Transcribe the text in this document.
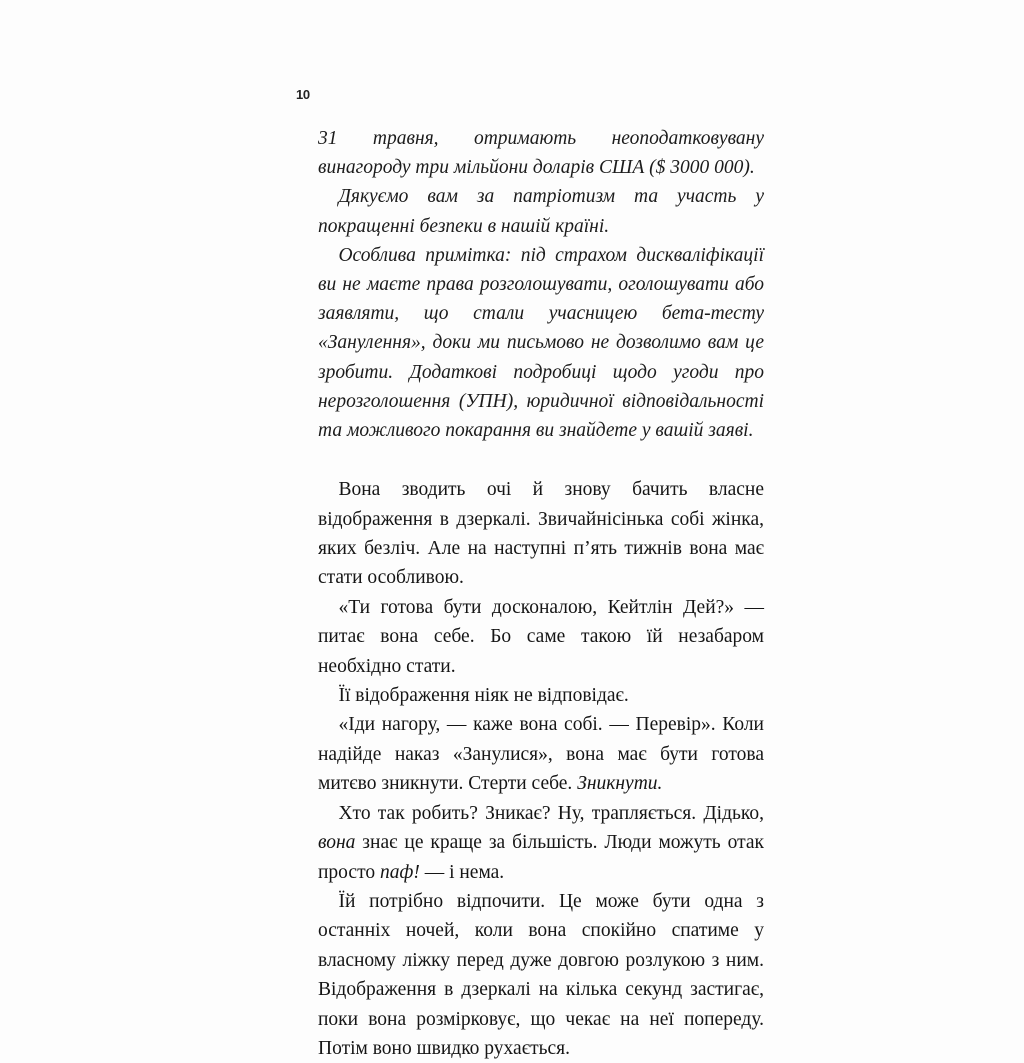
10

31 травня, отримають неоподатковувану винагороду три мільйони доларів США ($ 3000 000).

Дякуємо вам за патріотизм та участь у покращенні безпеки в нашій країні.

Особлива примітка: під страхом дискваліфікації ви не маєте права розголошувати, оголошувати або заявляти, що стали учасницею бета-тесту «Занулення», доки ми письмово не дозволимо вам це зробити. Додаткові подробиці щодо угоди про нерозголошення (УПН), юридичної відповідальності та можливого покарання ви знайдете у вашій заяві.

Вона зводить очі й знову бачить власне відображення в дзеркалі. Звичайнісінька собі жінка, яких безліч. Але на наступні п’ять тижнів вона має стати особливою.

«Ти готова бути досконалою, Кейтлін Дей?» — питає вона себе. Бо саме такою їй незабаром необхідно стати.

Її відображення ніяк не відповідає.

«Іди нагору, — каже вона собі. — Перевір». Коли надійде наказ «Занулися», вона має бути готова митєво зникнути. Стерти себе. Зникнути.

Хто так робить? Зникає? Ну, трапляється. Дідько, вона знає це краще за більшість. Люди можуть отак просто паф! — і нема.

Їй потрібно відпочити. Це може бути одна з останніх ночей, коли вона спокійно спатиме у власному ліжку перед дуже довгою розлукою з ним. Відображення в дзеркалі на кілька секунд застигає, поки вона розмірковує, що чекає на неї попереду. Потім воно швидко рухається.
